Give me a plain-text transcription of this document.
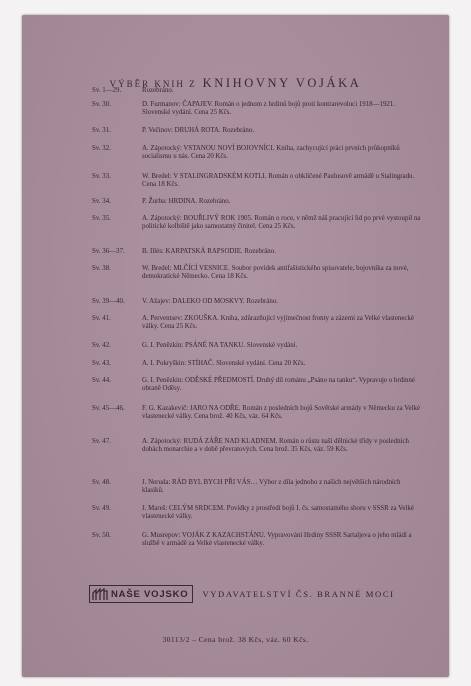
VÝBĚR KNIH Z KNIHOVNY VOJÁKA
Sv. 1—29.	Rozebráno.
Sv. 30.	D. Furmanov: ČAPAJEV. Román o jednom z hrdinů bojů proti kontrarevoluci 1918—1921. Slovenské vydání. Cena 25 Kčs.
Sv. 31.	P. Večinov: DRUHÁ ROTA. Rozebráno.
Sv. 32.	A. Zápotocký: VSTANOU NOVÍ BOJOVNÍCI. Kniha, zachycující práci prvních průkopníků socialismu u nás. Cena 20 Kčs.
Sv. 33.	W. Bredel: V STALINGRADSKÉM KOTLI. Román o obklíčené Paulusově armádě u Stalingradu. Cena 18 Kčs.
Sv. 34.	P. Žurba: HRDINA. Rozebráno.
Sv. 35.	A. Zápotocký: BOUŘLIVÝ ROK 1905. Román o roce, v němž náš pracující lid po prvé vystoupil na politické kolbiště jako samostatný činitel. Cena 25 Kčs.
Sv. 36—37.	B. Illés: KARPATSKÁ RAPSODIE. Rozebráno.
Sv. 38.	W. Bredel: MLČÍCÍ VESNICE. Soubor povídek antifašistického spisovatele, bojovníka za nové, demokratické Německo. Cena 18 Kčs.
Sv. 39—40.	V. Ažajev: DALEKO OD MOSKVY. Rozebráno.
Sv. 41.	A. Perventsev: ZKOUŠKA. Kniha, zdůrazňující vyjímečnost fronty a zázemí za Velké vlastenecké války. Cena 25 Kčs.
Sv. 42.	G. I. Penězkin: PSÁNÉ NA TANKU. Slovenské vydání.
Sv. 43.	A. I. Pokryškin: STÍHAČ. Slovenské vydání. Cena 20 Kčs.
Sv. 44.	G. I. Penězkin: ODĚSKÉ PŘEDMOSTÍ. Druhý díl románu „Psáno na tanku“. Vypravuje o hrdinné obraně Oděsy.
Sv. 45—46.	F. G. Kazakevič: JARO NA ODŘE. Román z posledních bojů Sovětské armády v Německu za Velké vlastenecké války. Cena brož. 40 Kčs, váz. 64 Kčs.
Sv. 47.	A. Zápotocký: RUDÁ ZÁŘE NAD KLADNEM. Román o růstu naší dělnické třídy v posledních dobách monarchie a v době převratových. Cena brož. 35 Kčs, váz. 59 Kčs.
Sv. 48.	J. Neruda: RÁD BYL BYCH PŘI VÁS… Výbor z díla jednoho z našich největších národních klasiků.
Sv. 49.	J. Mareš: CELÝM SRDCEM. Povídky z prostředí bojů I. čs. samostatného sboru v SSSR za Velké vlastenecké války.
Sv. 50.	G. Musrepov: VOJÁK Z KAZACHSTÁNU. Vypravování Hrdiny SSSR Sartaljeva o jeho mládí a službě v armádě za Velké vlastenecké války.
NAŠE VOJSKO VYDAVATELSTVÍ ČS. BRANNÉ MOCI
30113/2 – Cena brož. 38 Kčs, váz. 60 Kčs.
